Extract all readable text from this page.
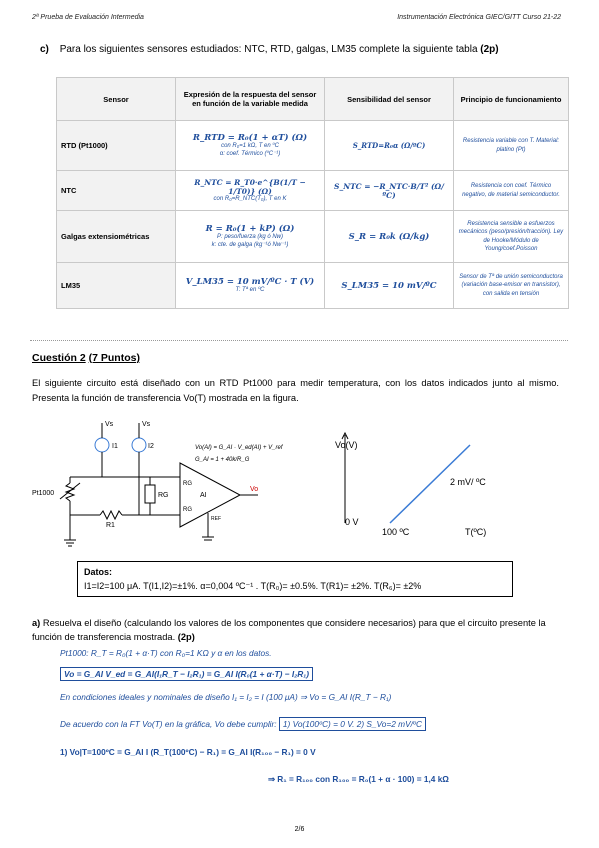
2ª Prueba de Evaluación Intermedia	Instrumentación Electrónica GIEC/GITT Curso 21-22
c) Para los siguientes sensores estudiados: NTC, RTD, galgas, LM35 complete la siguiente tabla (2p)
Sensor	Expresión de la respuesta del sensor en función de la variable medida	Sensibilidad del sensor	Principio de funcionamiento
RTD (Pt1000)	R_RTD = R₀(1 + αT) (Ω)
con R₀=1 kΩ, T en ºC
α: coef. Térmico (ºC⁻¹)	S_RTD=R₀α (Ω/ºC)	Resistencia variable con T. Material: platino (Pt)
NTC	R_NTC = R_T0·e^{B(1/T − 1/T0)} (Ω)
con R₀=R_NTC(T₀), T en K	S_NTC = −R_NTC·B/T² (Ω/ºC)	Resistencia con coef. Térmico negativo, de material semiconductor.
Galgas extensiométricas	R = R₀(1 + kP) (Ω)
P: peso/fuerza (kg ó Nw)
k: cte. de galga (kg⁻¹ó Nw⁻¹)	S_R = R₀k (Ω/kg)	Resistencia sensible a esfuerzos mecánicos (peso/presión/tracción). Ley de Hooke/Módulo de Young/coef.Poisson
LM35	V_LM35 = 10 mV/ºC · T (V)
T: Tª en ºC	S_LM35 = 10 mV/ºC	Sensor de Tª de unión semiconductora (variación base-emisor en transistor), con salida en tensión
Cuestión 2 (7 Puntos)
El siguiente circuito está diseñado con un RTD Pt1000 para medir temperatura, con los datos indicados junto al mismo. Presenta la función de transferencia Vo(T) mostrada en la figura.
Vs	Vs
I1	I2
Pt1000
R1
RG
RG
RG
AI
Vo
REF
Vo(AI) = G_AI · V_ed(AI) + V_ref
G_AI = 1 + 40k/R_G
Vo(V)
2 mV/ ºC
0 V
100 ºC	T(ºC)
Datos:
I1=I2=100 μA. T(I1,I2)=±1%. α=0,004 ºC⁻¹ . T(R₀)= ±0.5%. T(R1)= ±2%. T(R₆)= ±2%
a) Resuelva el diseño (calculando los valores de los componentes que considere necesarios) para que el circuito presente la función de transferencia mostrada. (2p)
Pt1000: R_T = R₀(1 + α·T) con R₀=1 KΩ y α en los datos.
Vo = G_AI V_ed = G_AI(I₁R_T − I₂R₁) = G_AI I(R₀(1 + α·T) − I₂R₁)
En condiciones ideales y nominales de diseño I₁ = I₂ = I (100 μA) ⇒ Vo = G_AI I(R_T − R₁)
De acuerdo con la FT Vo(T) en la gráfica, Vo debe cumplir: 1) Vo(100ºC) = 0 V. 2) S_Vo=2 mV/ºC
1) Vo|T=100ºC = G_AI I (R_T(100ºC) − R₁) = G_AI I(R₁₀₀ − R₁) = 0 V
⇒ R₁ = R₁₀₀ con R₁₀₀ = R₀(1 + α · 100) = 1,4 kΩ
2/6
